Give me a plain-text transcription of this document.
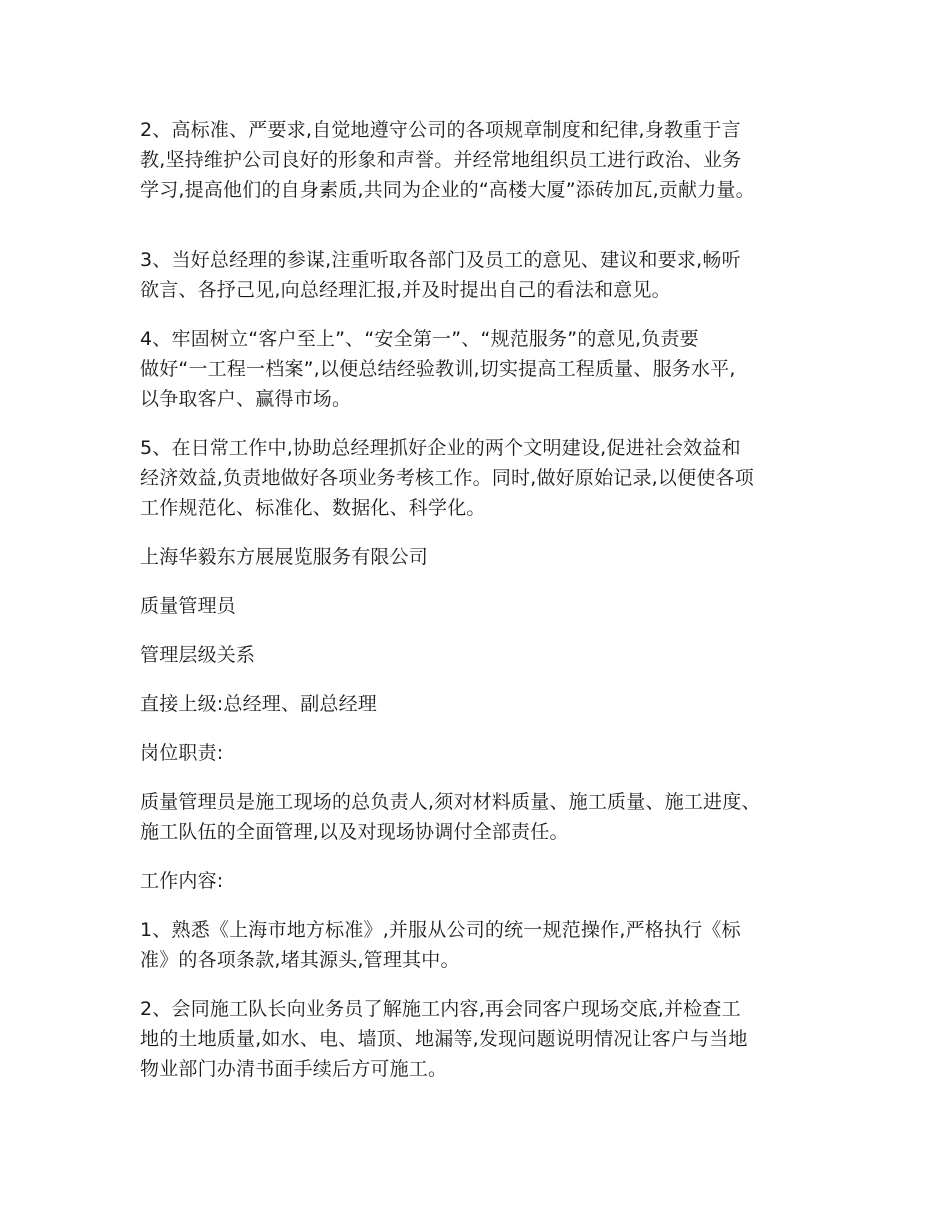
2、高标准、严要求,自觉地遵守公司的各项规章制度和纪律,身教重于言
教,坚持维护公司良好的形象和声誉。并经常地组织员工进行政治、业务
学习,提高他们的自身素质,共同为企业的“高楼大厦”添砖加瓦,贡献力量。

3、当好总经理的参谋,注重听取各部门及员工的意见、建议和要求,畅听
欲言、各抒己见,向总经理汇报,并及时提出自己的看法和意见。

4、牢固树立“客户至上”、“安全第一”、“规范服务”的意见,负责要
做好“一工程一档案”,以便总结经验教训,切实提高工程质量、服务水平,
以争取客户、赢得市场。

5、在日常工作中,协助总经理抓好企业的两个文明建设,促进社会效益和
经济效益,负责地做好各项业务考核工作。同时,做好原始记录,以便使各项
工作规范化、标准化、数据化、科学化。

上海华毅东方展展览服务有限公司

质量管理员

管理层级关系

直接上级:总经理、副总经理

岗位职责:

质量管理员是施工现场的总负责人,须对材料质量、施工质量、施工进度、
施工队伍的全面管理,以及对现场协调付全部责任。

工作内容:

1、熟悉《上海市地方标准》,并服从公司的统一规范操作,严格执行《标
准》的各项条款,堵其源头,管理其中。

2、会同施工队长向业务员了解施工内容,再会同客户现场交底,并检查工
地的土地质量,如水、电、墙顶、地漏等,发现问题说明情况让客户与当地
物业部门办清书面手续后方可施工。
